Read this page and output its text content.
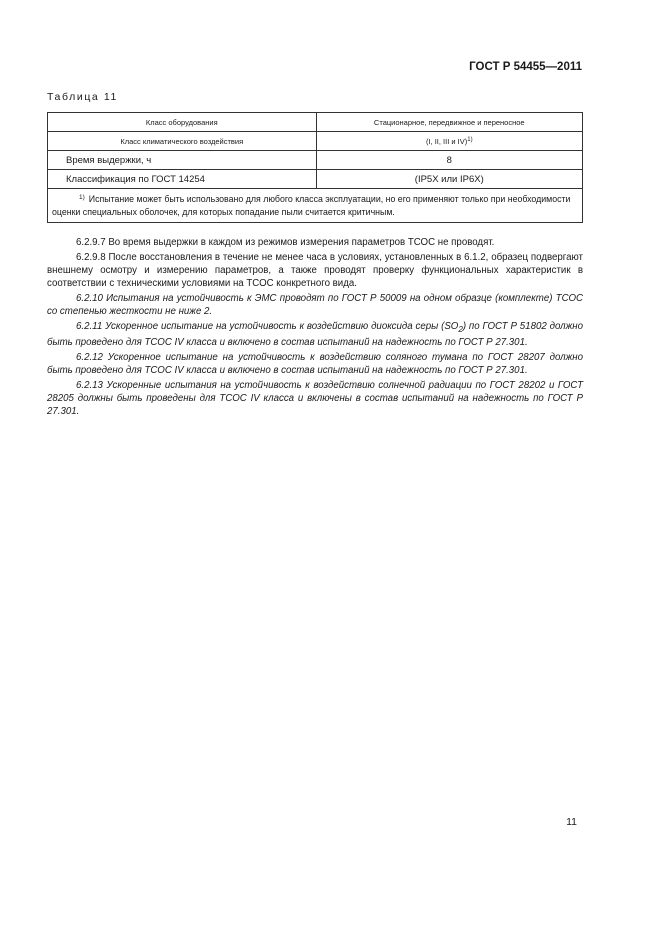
ГОСТ Р 54455—2011
Таблица 11
Класс оборудования	Стационарное, передвижное и переносное
Класс климатического воздействия	(I, II, III и IV)$^{1)}$
Время выдержки, ч	8
Классификация по ГОСТ 14254	(IP5X или IP6X)
$^{1)}$ Испытание может быть использовано для любого класса эксплуатации, но его применяют только при необходимости оценки специальных оболочек, для которых попадание пыли считается критичным.	

6.2.9.7 Во время выдержки в каждом из режимов измерения параметров ТСОС не проводят.

6.2.9.8 После восстановления в течение не менее часа в условиях, установленных в 6.1.2, образец подвергают внешнему осмотру и измерению параметров, а также проводят проверку функциональных характеристик в соответствии с техническими условиями на ТСОС конкретного вида.

6.2.10 Испытания на устойчивость к ЭМС проводят по ГОСТ Р 50009 на одном образце (комплекте) ТСОС со степенью жесткости не ниже 2.

6.2.11 Ускоренное испытание на устойчивость к воздействию диоксида серы $(SO_2)$ по ГОСТ Р 51802 должно быть проведено для ТСОС IV класса и включено в состав испытаний на надежность по ГОСТ Р 27.301.

6.2.12 Ускоренное испытание на устойчивость к воздействию соляного тумана по ГОСТ 28207 должно быть проведено для ТСОС IV класса и включено в состав испытаний на надежность по ГОСТ Р 27.301.

6.2.13 Ускоренные испытания на устойчивость к воздействию солнечной радиации по ГОСТ 28202 и ГОСТ 28205 должны быть проведены для ТСОС IV класса и включены в состав испытаний на надежность по ГОСТ Р 27.301.

11
